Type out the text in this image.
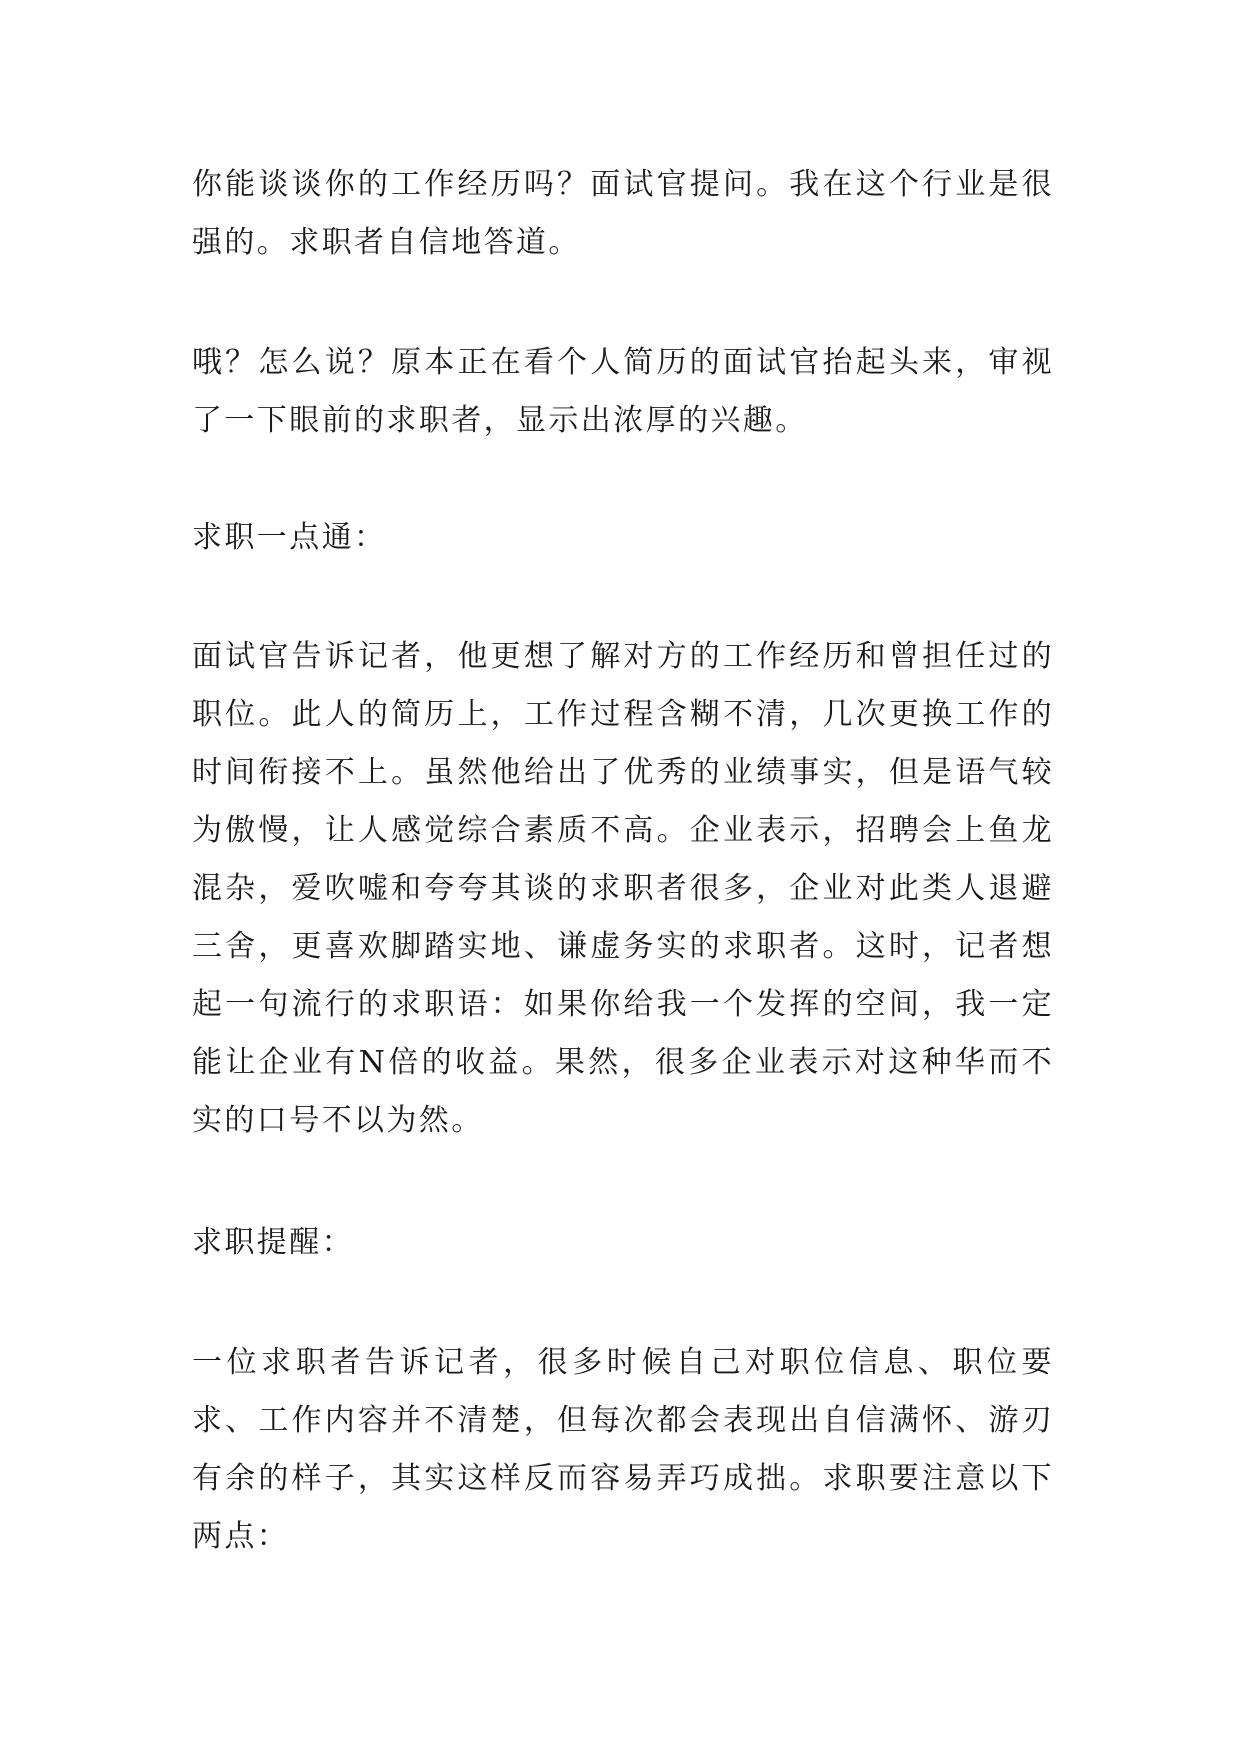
你能谈谈你的工作经历吗？面试官提问。我在这个行业是很强的。求职者自信地答道。

哦？怎么说？原本正在看个人简历的面试官抬起头来，审视了一下眼前的求职者，显示出浓厚的兴趣。

求职一点通：

面试官告诉记者，他更想了解对方的工作经历和曾担任过的职位。此人的简历上，工作过程含糊不清，几次更换工作的时间衔接不上。虽然他给出了优秀的业绩事实，但是语气较为傲慢，让人感觉综合素质不高。企业表示，招聘会上鱼龙混杂，爱吹嘘和夸夸其谈的求职者很多，企业对此类人退避三舍，更喜欢脚踏实地、谦虚务实的求职者。这时，记者想起一句流行的求职语：如果你给我一个发挥的空间，我一定能让企业有N倍的收益。果然，很多企业表示对这种华而不实的口号不以为然。

求职提醒：

一位求职者告诉记者，很多时候自己对职位信息、职位要求、工作内容并不清楚，但每次都会表现出自信满怀、游刃有余的样子，其实这样反而容易弄巧成拙。求职要注意以下两点：
